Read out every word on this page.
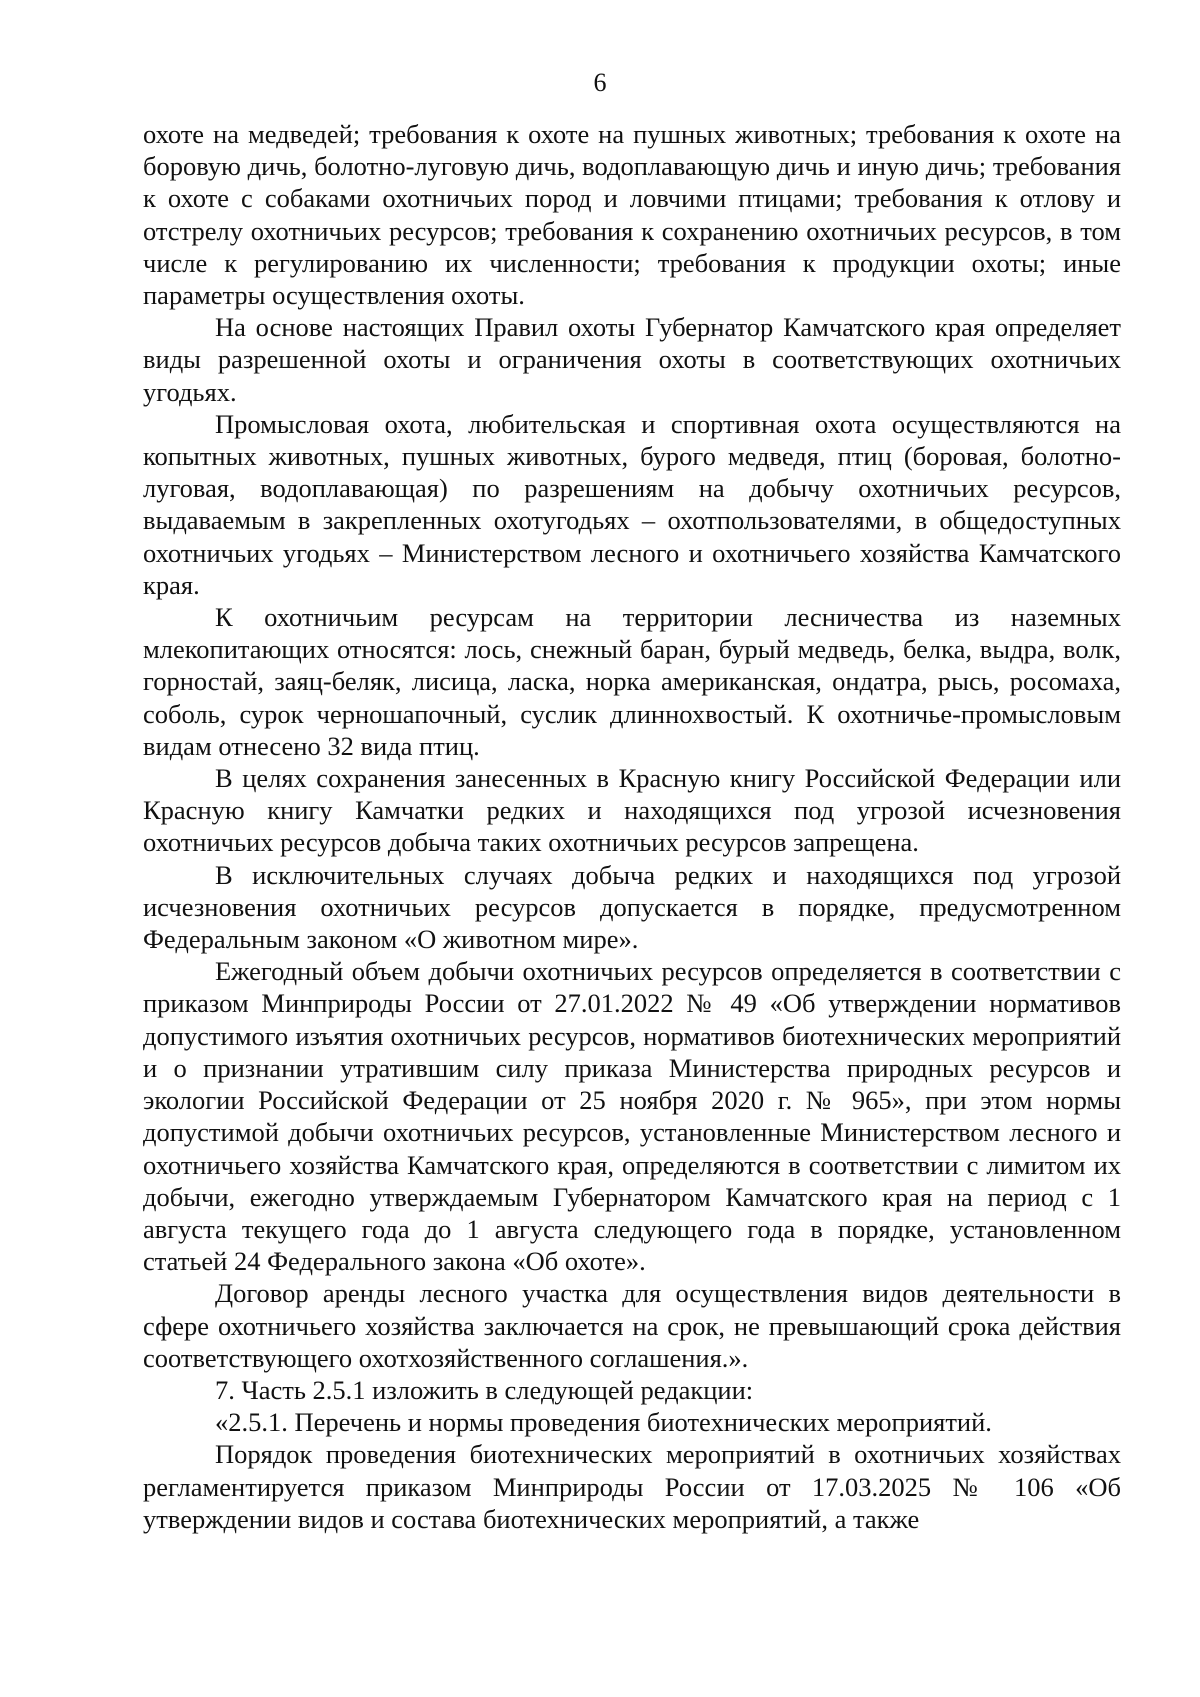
6

охоте на медведей; требования к охоте на пушных животных; требования к охоте на боровую дичь, болотно-луговую дичь, водоплавающую дичь и иную дичь; требования к охоте с собаками охотничьих пород и ловчими птицами; требования к отлову и отстрелу охотничьих ресурсов; требования к сохранению охотничьих ресурсов, в том числе к регулированию их численности; требования к продукции охоты; иные параметры осуществления охоты.

На основе настоящих Правил охоты Губернатор Камчатского края определяет виды разрешенной охоты и ограничения охоты в соответствующих охотничьих угодьях.

Промысловая охота, любительская и спортивная охота осуществляются на копытных животных, пушных животных, бурого медведя, птиц (боровая, болотно-луговая, водоплавающая) по разрешениям на добычу охотничьих ресурсов, выдаваемым в закрепленных охотугодьях – охотпользователями, в общедоступных охотничьих угодьях – Министерством лесного и охотничьего хозяйства Камчатского края.

К охотничьим ресурсам на территории лесничества из наземных млекопитающих относятся: лось, снежный баран, бурый медведь, белка, выдра, волк, горностай, заяц-беляк, лисица, ласка, норка американская, ондатра, рысь, росомаха, соболь, сурок черношапочный, суслик длиннохвостый. К охотничье-промысловым видам отнесено 32 вида птиц.

В целях сохранения занесенных в Красную книгу Российской Федерации или Красную книгу Камчатки редких и находящихся под угрозой исчезновения охотничьих ресурсов добыча таких охотничьих ресурсов запрещена.

В исключительных случаях добыча редких и находящихся под угрозой исчезновения охотничьих ресурсов допускается в порядке, предусмотренном Федеральным законом «О животном мире».

Ежегодный объем добычи охотничьих ресурсов определяется в соответствии с приказом Минприроды России от 27.01.2022 № 49 «Об утверждении нормативов допустимого изъятия охотничьих ресурсов, нормативов биотехнических мероприятий и о признании утратившим силу приказа Министерства природных ресурсов и экологии Российской Федерации от 25 ноября 2020 г. № 965», при этом нормы допустимой добычи охотничьих ресурсов, установленные Министерством лесного и охотничьего хозяйства Камчатского края, определяются в соответствии с лимитом их добычи, ежегодно утверждаемым Губернатором Камчатского края на период с 1 августа текущего года до 1 августа следующего года в порядке, установленном статьей 24 Федерального закона «Об охоте».

Договор аренды лесного участка для осуществления видов деятельности в сфере охотничьего хозяйства заключается на срок, не превышающий срока действия соответствующего охотхозяйственного соглашения.».

7. Часть 2.5.1 изложить в следующей редакции:

«2.5.1. Перечень и нормы проведения биотехнических мероприятий.

Порядок проведения биотехнических мероприятий в охотничьих хозяйствах регламентируется приказом Минприроды России от 17.03.2025 № 106 «Об утверждении видов и состава биотехнических мероприятий, а также
